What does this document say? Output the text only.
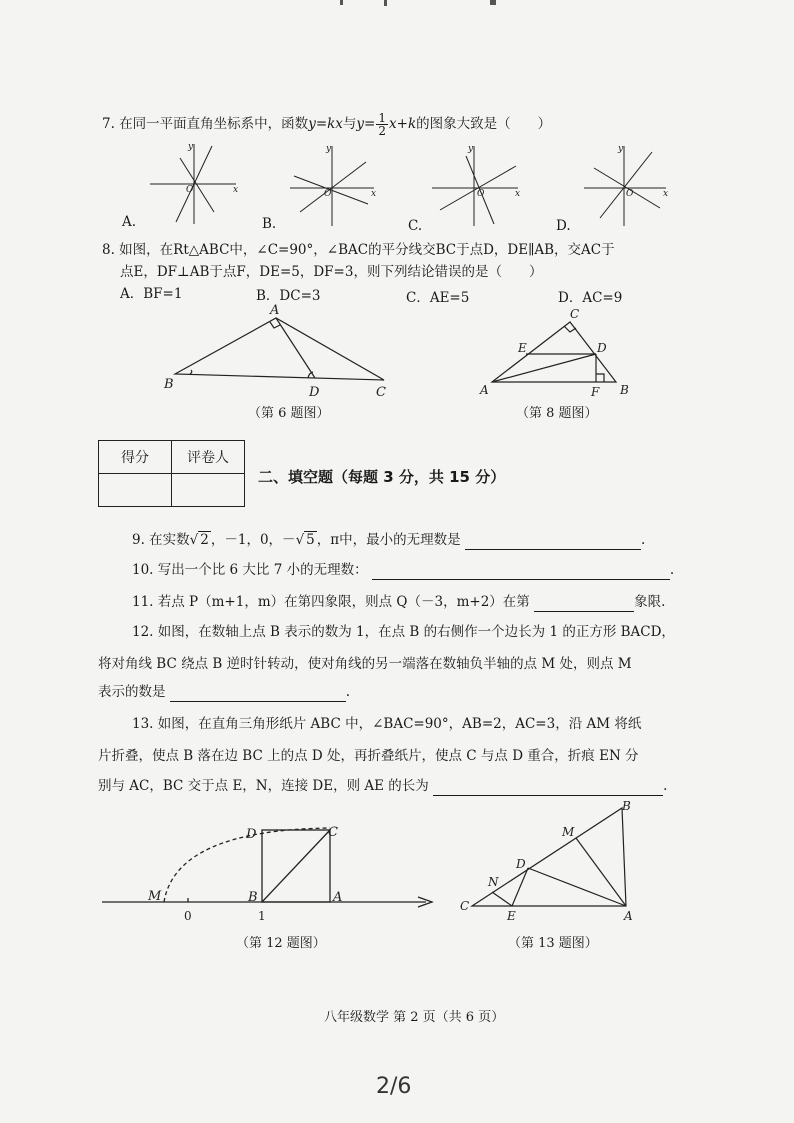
7. 在同一平面直角坐标系中，函数y=kx与$y= \frac{1}{2} x+k$的图象大致是（　　）
y
x
O
y
x
O
y
x
O
y
x
O
A.	B.	C.	D.
8. 如图，在Rt△ABC中，∠C=90°，∠BAC的平分线交BC于点D，DE∥AB，交AC于
点E，DF⊥AB于点F，DE=5，DF=3，则下列结论错误的是（　　）
A．BF=1	B．DC=3	C．AE=5	D．AC=9
A
B
D	C
（第 6 题图）
C
E	D
A	F B
（第 8 题图）
得分	评卷人

二、填空题（每题 3 分，共 15 分）
9. 在实数√ 2 ，－1，0，－√ 5 ，π中，最小的无理数是	.
10. 写出一个比 6 大比 7 小的无理数：	.
11. 若点 P（m+1，m）在第四象限，则点 Q（－3，m+2）在第	象限.
12. 如图，在数轴上点 B 表示的数为 1，在点 B 的右侧作一个边长为 1 的正方形 BACD，
将对角线 BC 绕点 B 逆时针转动，使对角线的另一端落在数轴负半轴的点 M 处，则点 M
表示的数是	.
13. 如图，在直角三角形纸片 ABC 中，∠BAC=90°，AB=2，AC=3，沿 AM 将纸
片折叠，使点 B 落在边 BC 上的点 D 处，再折叠纸片，使点 C 与点 D 重合，折痕 EN 分
别与 AC，BC 交于点 E，N，连接 DE，则 AE 的长为	.
D	C
M	B	A
0	1
（第 12 题图）
B
M
D
N
C
E	A
（第 13 题图）
八年级数学 第 2 页（共 6 页）
2/6
